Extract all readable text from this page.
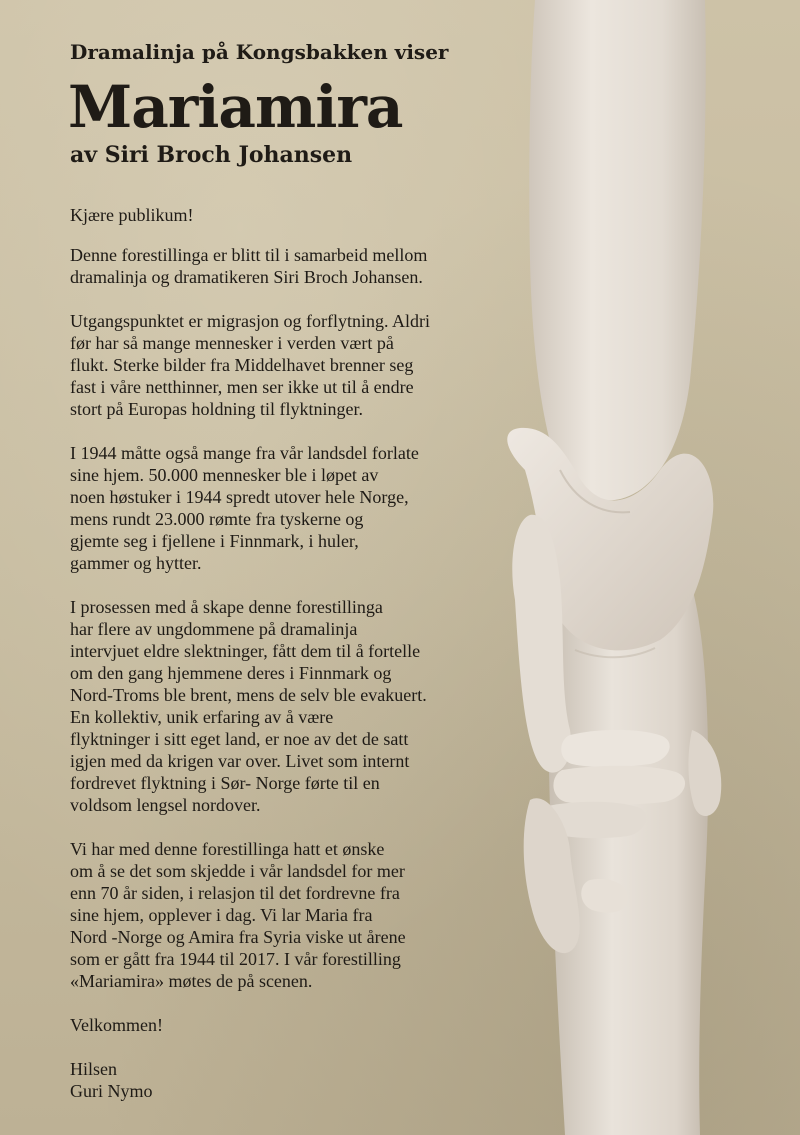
Dramalinja på Kongsbakken viser
Mariamira
av Siri Broch Johansen

Kjære publikum!

Denne forestillinga er blitt til i samarbeid mellom
dramalinja og dramatikeren Siri Broch Johansen.

Utgangspunktet er migrasjon og forflytning. Aldri
før har så mange mennesker i verden vært på
flukt. Sterke bilder fra Middelhavet brenner seg
fast i våre netthinner, men ser ikke ut til å endre
stort på Europas holdning til flyktninger.

I 1944 måtte også mange fra vår landsdel forlate
sine hjem. 50.000 mennesker ble i løpet av
noen høstuker i 1944 spredt utover hele Norge,
mens rundt 23.000 rømte fra tyskerne og
gjemte seg i fjellene i Finnmark, i huler,
gammer og hytter.

I prosessen med å skape denne forestillinga
har flere av ungdommene på dramalinja
intervjuet eldre slektninger, fått dem til å fortelle
om den gang hjemmene deres i Finnmark og
Nord-Troms ble brent, mens de selv ble evakuert.
En kollektiv, unik erfaring av å være
flyktninger i sitt eget land, er noe av det de satt
igjen med da krigen var over. Livet som internt
fordrevet flyktning i Sør- Norge førte til en
voldsom lengsel nordover.

Vi har med denne forestillinga hatt et ønske
om å se det som skjedde i vår landsdel for mer
enn 70 år siden, i relasjon til det fordrevne fra
sine hjem, opplever i dag. Vi lar Maria fra
Nord -Norge og Amira fra Syria viske ut årene
som er gått fra 1944 til 2017. I vår forestilling
«Mariamira» møtes de på scenen.

Velkommen!

Hilsen

Guri Nymo
